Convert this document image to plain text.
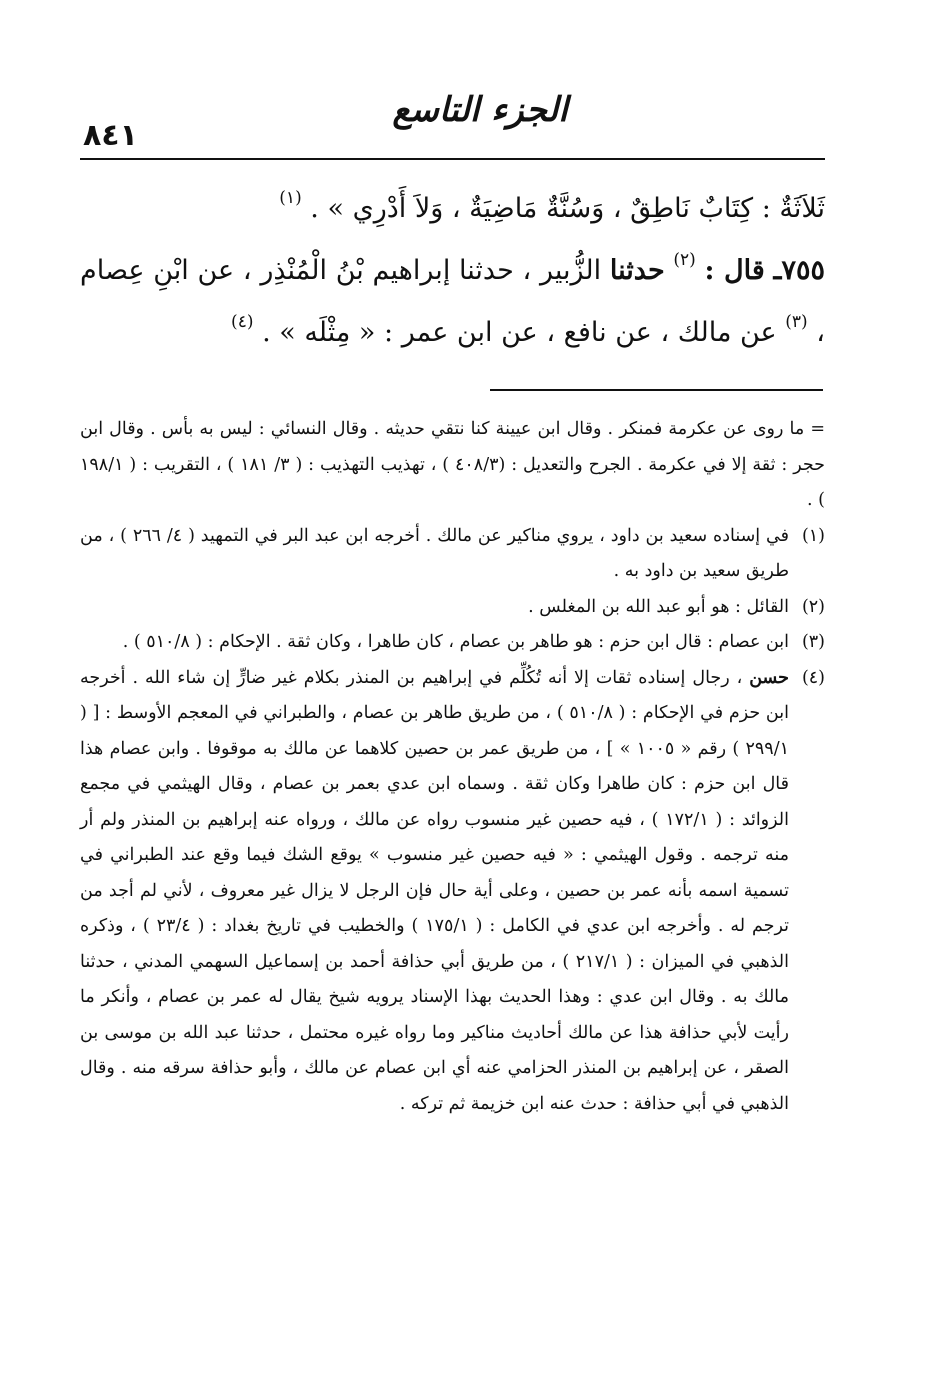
٨٤١
الجزء التاسع

ثَلاَثَةٌ : كِتَابٌ نَاطِقٌ ، وَسُنَّةٌ مَاضِيَةٌ ، وَلاَ أَدْرِي » . $^{(١)}$

٧٥٥ـ قال : $^{(٢)}$ حدثنا الزُّبير ، حدثنا إبراهيم بْنُ الْمُنْذِر ، عن ابْنِ عِصام ، $^{(٣)}$ عن مالك ، عن نافع ، عن ابن عمر : « مِثْلَه » . $^{(٤)}$

= ما روى عن عكرمة فمنكر . وقال ابن عيينة كنا نتقي حديثه . وقال النسائي : ليس به بأس . وقال ابن حجر : ثقة إلا في عكرمة . الجرح والتعديل : (٤٠٨/٣ ) ، تهذيب التهذيب : ( ٣/ ١٨١ ) ، التقريب : ( ١٩٨/١ ) .

(١)
في إسناده سعيد بن داود ، يروي مناكير عن مالك . أخرجه ابن عبد البر في التمهيد ( ٤/ ٢٦٦ ) ، من طريق سعيد بن داود به .
(٢)
القائل : هو أبو عبد الله بن المغلس .
(٣)
ابن عصام : قال ابن حزم : هو طاهر بن عصام ، كان طاهرا ، وكان ثقة . الإحكام : ( ٥١٠/٨ ) .
(٤)
حسن ، رجال إسناده ثقات إلا أنه تُكُلِّم في إبراهيم بن المنذر بكلام غير ضارٍّ إن شاء الله . أخرجه ابن حزم في الإحكام : ( ٥١٠/٨ ) ، من طريق طاهر بن عصام ، والطبراني في المعجم الأوسط : [ ( ٢٩٩/١ ) رقم « ١٠٠٥ » ] ، من طريق عمر بن حصين كلاهما عن مالك به موقوفا . وابن عصام هذا قال ابن حزم : كان طاهرا وكان ثقة . وسماه ابن عدي بعمر بن عصام ، وقال الهيثمي في مجمع الزوائد : ( ١٧٢/١ ) ، فيه حصين غير منسوب رواه عن مالك ، ورواه عنه إبراهيم بن المنذر ولم أر منه ترجمه . وقول الهيثمي : « فيه حصين غير منسوب » يوقع الشك فيما وقع عند الطبراني في تسمية اسمه بأنه عمر بن حصين ، وعلى أية حال فإن الرجل لا يزال غير معروف ، لأني لم أجد من ترجم له . وأخرجه ابن عدي في الكامل : ( ١٧٥/١ ) والخطيب في تاريخ بغداد : ( ٢٣/٤ ) ، وذكره الذهبي في الميزان : ( ٢١٧/١ ) ، من طريق أبي حذافة أحمد بن إسماعيل السهمي المدني ، حدثنا مالك به . وقال ابن عدي : وهذا الحديث بهذا الإسناد يرويه شيخ يقال له عمر بن عصام ، وأنكر ما رأيت لأبي حذافة هذا عن مالك أحاديث مناكير وما رواه غيره محتمل ، حدثنا عبد الله بن موسى بن الصقر ، عن إبراهيم بن المنذر الحزامي عنه أي ابن عصام عن مالك ، وأبو حذافة سرقه منه . وقال الذهبي في أبي حذافة : حدث عنه ابن خزيمة ثم تركه .
